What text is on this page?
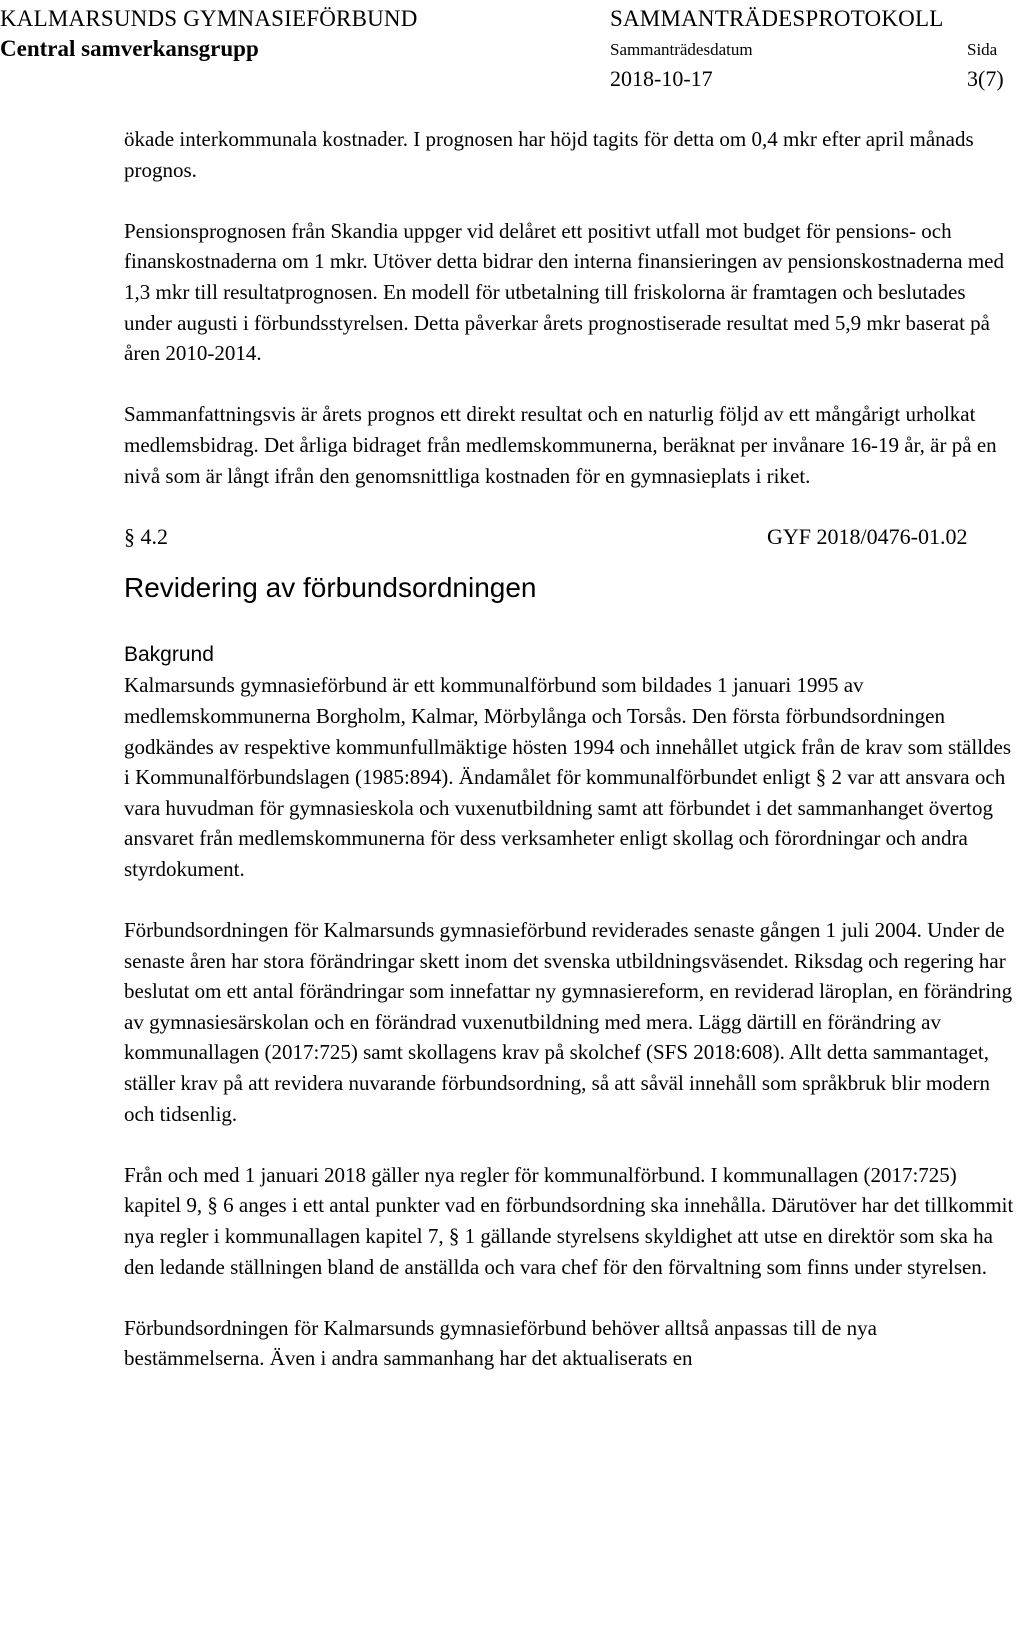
KALMARSUNDS GYMNASIEFÖRBUND
Central samverkansgrupp
SAMMANTRÄDESPROTOKOLL
Sammanträdesdatum	Sida
2018-10-17	3(7)

ökade interkommunala kostnader. I prognosen har höjd tagits för detta om 0,4 mkr efter april månads prognos.

Pensionsprognosen från Skandia uppger vid delåret ett positivt utfall mot budget för pensions- och finanskostnaderna om 1 mkr. Utöver detta bidrar den interna finansieringen av pensionskostnaderna med 1,3 mkr till resultatprognosen. En modell för utbetalning till friskolorna är framtagen och beslutades under augusti i förbundsstyrelsen. Detta påverkar årets prognostiserade resultat med 5,9 mkr baserat på åren 2010-2014.

Sammanfattningsvis är årets prognos ett direkt resultat och en naturlig följd av ett mångårigt urholkat medlemsbidrag. Det årliga bidraget från medlemskommunerna, beräknat per invånare 16-19 år, är på en nivå som är långt ifrån den genomsnittliga kostnaden för en gymnasieplats i riket.

§ 4.2	GYF 2018/0476-01.02
Revidering av förbundsordningen
Bakgrund

Kalmarsunds gymnasieförbund är ett kommunalförbund som bildades 1 januari 1995 av medlemskommunerna Borgholm, Kalmar, Mörbylånga och Torsås. Den första förbundsordningen godkändes av respektive kommunfullmäktige hösten 1994 och innehållet utgick från de krav som ställdes i Kommunalförbundslagen (1985:894). Ändamålet för kommunalförbundet enligt § 2 var att ansvara och vara huvudman för gymnasieskola och vuxenutbildning samt att förbundet i det sammanhanget övertog ansvaret från medlemskommunerna för dess verksamheter enligt skollag och förordningar och andra styrdokument.

Förbundsordningen för Kalmarsunds gymnasieförbund reviderades senaste gången 1 juli 2004. Under de senaste åren har stora förändringar skett inom det svenska utbildningsväsendet. Riksdag och regering har beslutat om ett antal förändringar som innefattar ny gymnasiereform, en reviderad läroplan, en förändring av gymnasiesärskolan och en förändrad vuxenutbildning med mera. Lägg därtill en förändring av kommunallagen (2017:725) samt skollagens krav på skolchef (SFS 2018:608). Allt detta sammantaget, ställer krav på att revidera nuvarande förbundsordning, så att såväl innehåll som språkbruk blir modern och tidsenlig.

Från och med 1 januari 2018 gäller nya regler för kommunalförbund. I kommunallagen (2017:725) kapitel 9, § 6 anges i ett antal punkter vad en förbundsordning ska innehålla. Därutöver har det tillkommit nya regler i kommunallagen kapitel 7, § 1 gällande styrelsens skyldighet att utse en direktör som ska ha den ledande ställningen bland de anställda och vara chef för den förvaltning som finns under styrelsen.

Förbundsordningen för Kalmarsunds gymnasieförbund behöver alltså anpassas till de nya bestämmelserna. Även i andra sammanhang har det aktualiserats en
